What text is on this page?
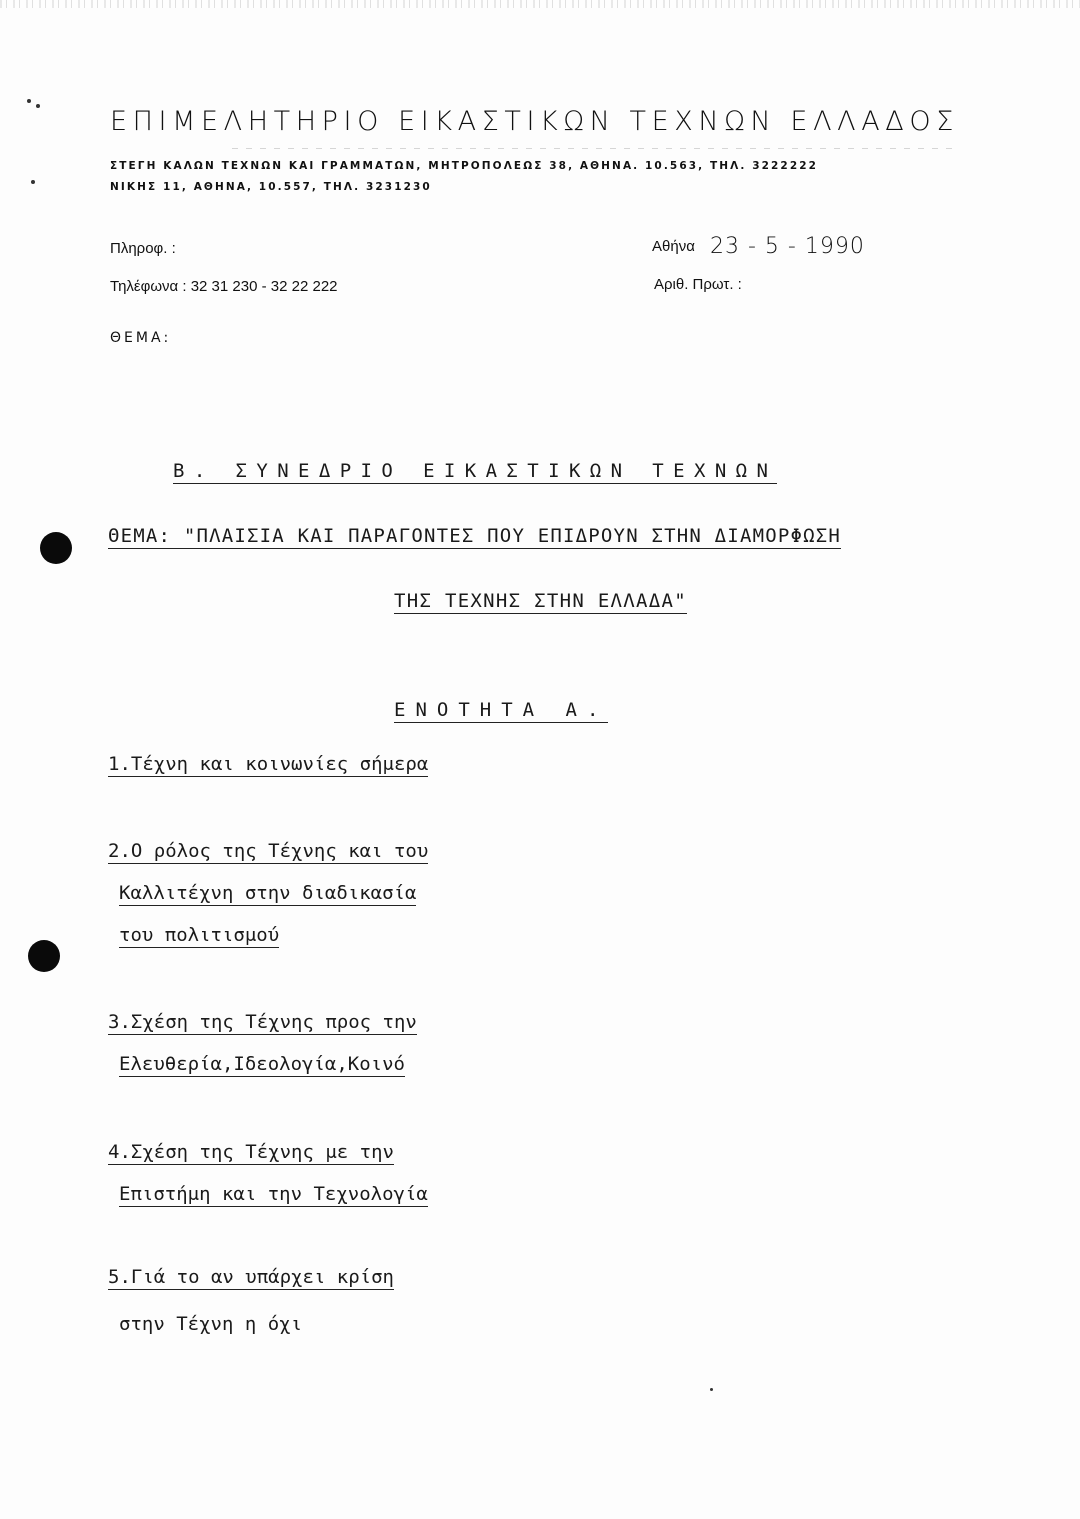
ΕΠΙΜΕΛΗΤΗΡΙΟ ΕΙΚΑΣΤΙΚΩΝ ΤΕΧΝΩΝ ΕΛΛΑΔΟΣ
ΣΤΕΓΗ ΚΑΛΩΝ ΤΕΧΝΩΝ ΚΑΙ ΓΡΑΜΜΑΤΩΝ, ΜΗΤΡΟΠΟΛΕΩΣ 38, ΑΘΗΝΑ. 10.563, ΤΗΛ. 3222222
ΝΙΚΗΣ 11, ΑΘΗΝΑ, 10.557, ΤΗΛ. 3231230
Πληροφ. :
Τηλέφωνα : 32 31 230 - 32 22 222
ΘΕΜΑ:
Αθήνα 23 - 5 - 1990
Αριθ. Πρωτ. :
Β. ΣΥΝΕΔΡΙΟ ΕΙΚΑΣΤΙΚΩΝ ΤΕΧΝΩΝ
ΘΕΜΑ: "ΠΛΑΙΣΙΑ ΚΑΙ ΠΑΡΑΓΟΝΤΕΣ ΠΟΥ ΕΠΙΔΡΟΥΝ ΣΤΗΝ ΔΙΑΜΟΡΦΩΣΗ
ΤΗΣ ΤΕΧΝΗΣ ΣΤΗΝ ΕΛΛΑΔΑ"
ΕΝΟΤΗΤΑ Α.
1.Τέχνη και κοινωνίες σήμερα
2.Ο ρόλος της Τέχνης και του
Καλλιτέχνη στην διαδικασία
του πολιτισμού
3.Σχέση της Τέχνης προς την
Ελευθερία,Ιδεολογία,Κοινό
4.Σχέση της Τέχνης με την
Επιστήμη και την Τεχνολογία
5.Γιά το αν υπάρχει κρίση
στην Τέχνη η όχι
